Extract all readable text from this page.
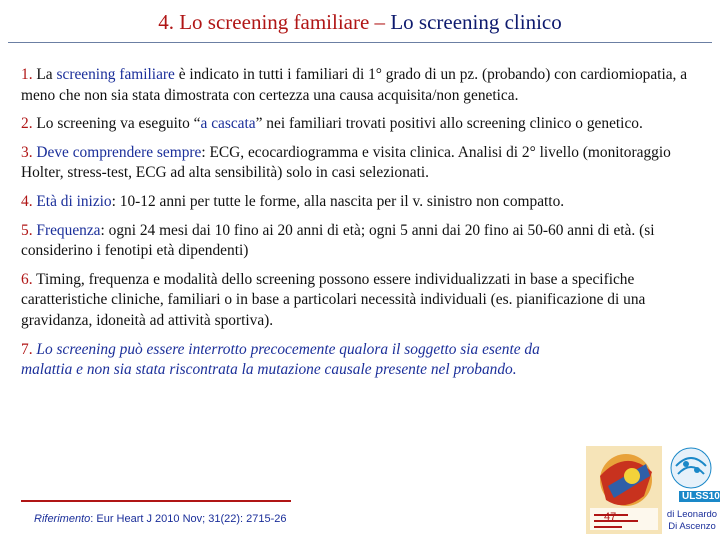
4. Lo screening familiare – Lo screening clinico

1. La screening familiare è indicato in tutti i familiari di 1° grado di un pz. (probando) con cardiomiopatia, a meno che non sia stata dimostrata con certezza una causa acquisita/non genetica.

2. Lo screening va eseguito “a cascata” nei familiari trovati positivi allo screening clinico o genetico.

3. Deve comprendere sempre: ECG, ecocardiogramma e visita clinica. Analisi di 2° livello (monitoraggio Holter, stress-test, ECG ad alta sensibilità) solo in casi selezionati.

4. Età di inizio: 10-12 anni per tutte le forme, alla nascita per il v. sinistro non compatto.

5. Frequenza: ogni 24 mesi dai 10 fino ai 20 anni di età; ogni 5 anni dai 20 fino ai 50-60 anni di età. (si considerino i fenotipi età dipendenti)

6. Timing, frequenza e modalità dello screening possono essere individualizzati in base a specifiche caratteristiche cliniche, familiari o in base a particolari necessità individuali (es. pianificazione di una gravidanza, idoneità ad attività sportiva).

7. Lo screening può essere interrotto precocemente qualora il soggetto sia esente da malattia e non sia stata riscontrata la mutazione causale presente nel probando.

Riferimento: Eur Heart J 2010 Nov; 31(22): 2715-26	47
ULSS10
di Leonardo
Di Ascenzo
